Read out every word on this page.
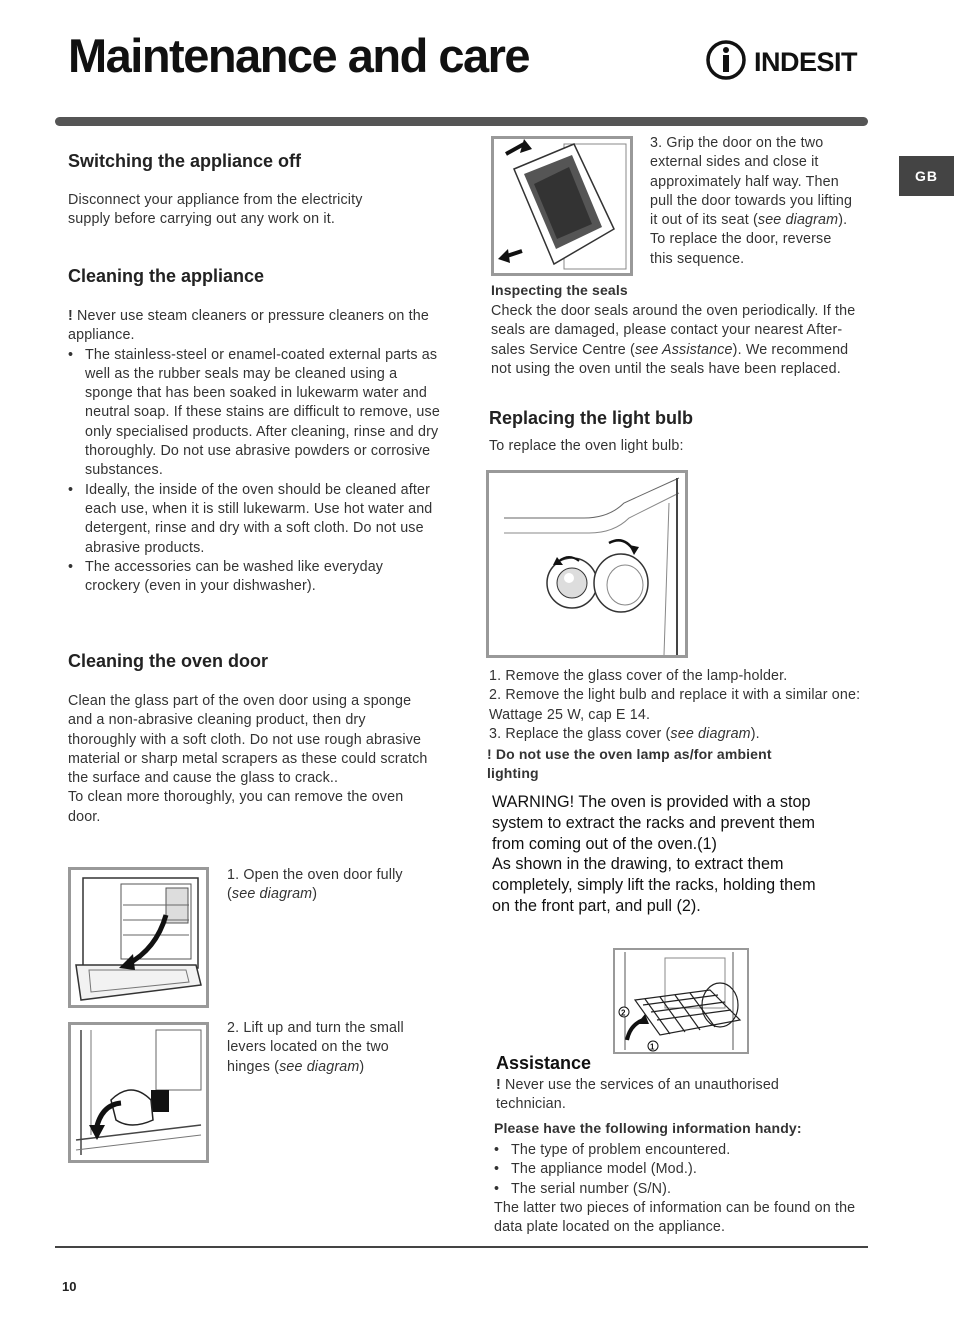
Maintenance and care	INDESIT
GB
Switching the appliance off

Disconnect your appliance from the electricity supply before carrying out any work on it.

Cleaning the appliance

! Never use steam cleaners or pressure cleaners on the appliance.

• The stainless-steel or enamel-coated external parts as well as the rubber seals may be cleaned using a sponge that has been soaked in lukewarm water and neutral soap. If these stains are difficult to remove, use only specialised products. After cleaning, rinse and dry thoroughly. Do not use abrasive powders or corrosive substances.
• Ideally, the inside of the oven should be cleaned after each use, when it is still lukewarm. Use hot water and detergent, rinse and dry with a soft cloth. Do not use abrasive products.
• The accessories can be washed like everyday crockery (even in your dishwasher).
Cleaning the oven door

Clean the glass part of the oven door using a sponge and a non-abrasive cleaning product, then dry thoroughly with a soft cloth. Do not use rough abrasive material or sharp metal scrapers as these could scratch the surface and cause the glass to crack..

To clean more thoroughly, you can remove the oven door.

1. Open the oven door fully (see diagram)

2. Lift up and turn the small levers located on the two hinges (see diagram)

3. Grip the door on the two external sides and close it approximately half way. Then pull the door towards you lifting it out of its seat (see diagram).

To replace the door, reverse this sequence.

Inspecting the seals

Check the door seals around the oven periodically. If the seals are damaged, please contact your nearest After-sales Service Centre (see Assistance). We recommend not using the oven until the seals have been replaced.

Replacing the light bulb
To replace the oven light bulb:

1. Remove the glass cover of the lamp-holder.

2. Remove the light bulb and replace it with a similar one: Wattage 25 W, cap E 14.

3. Replace the glass cover (see diagram).

! Do not use the oven lamp as/for ambient lighting

WARNING! The oven is provided with a stop system to extract the racks and prevent them from coming out of the oven.(1)

As shown in the drawing, to extract them completely, simply lift the racks, holding them on the front part, and pull (2).

2
1
Assistance

! Never use the services of an unauthorised technician.

Please have the following information handy:
• The type of problem encountered.
• The appliance model (Mod.).
• The serial number (S/N).

The latter two pieces of information can be found on the data plate located on the appliance.

10
